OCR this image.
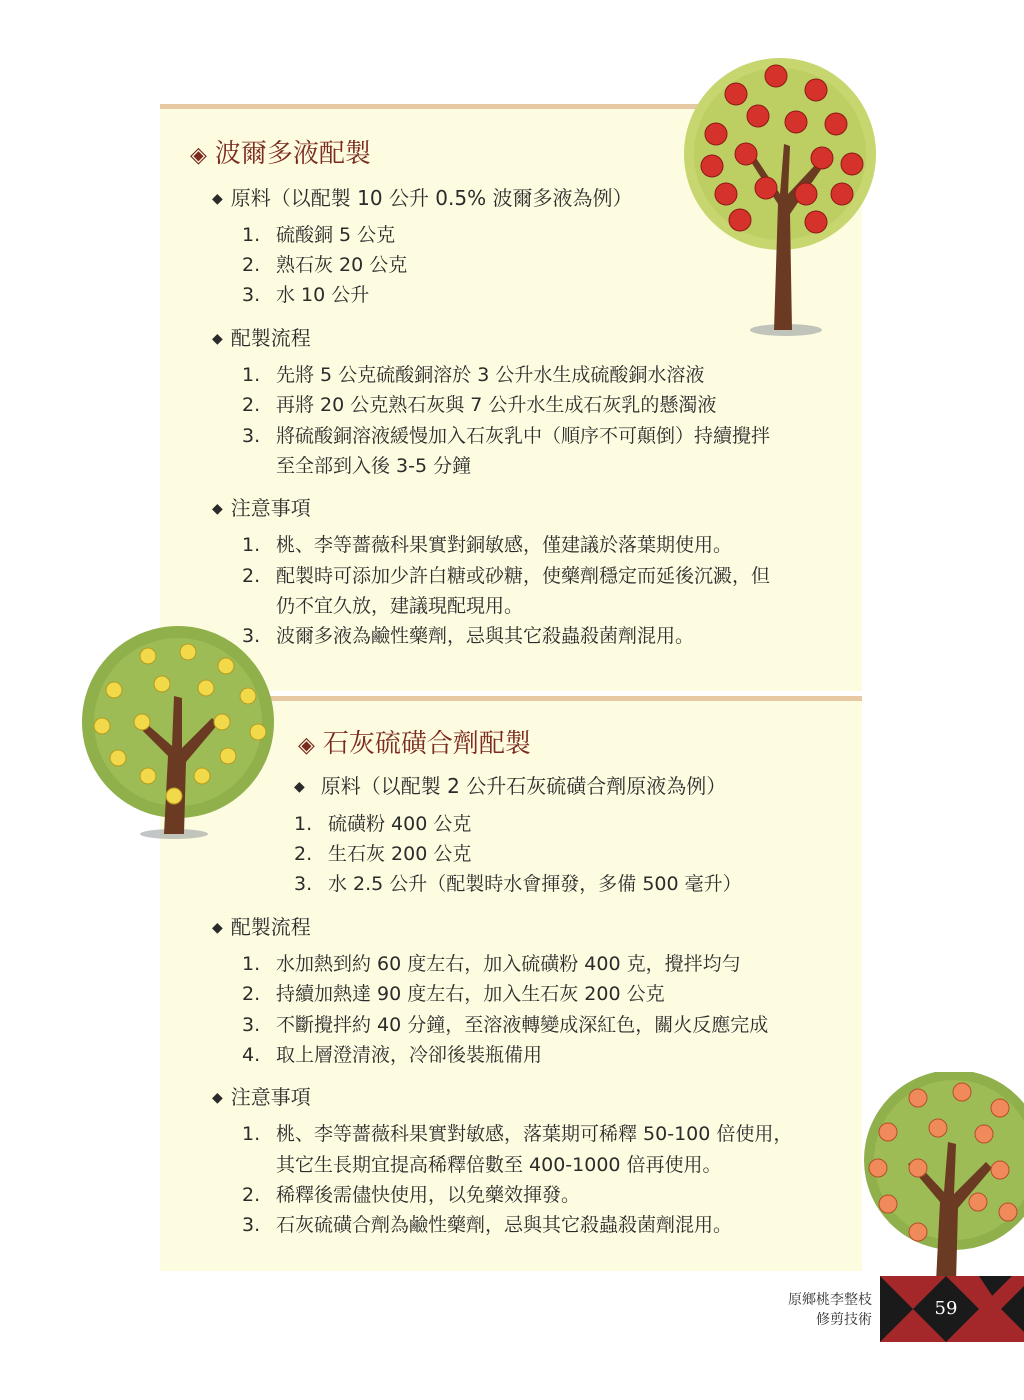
◈ 波爾多液配製
◆ 原料（以配製 10 公升 0.5% 波爾多液為例）
1. 硫酸銅 5 公克
2. 熟石灰 20 公克
3. 水 10 公升
◆ 配製流程
1. 先將 5 公克硫酸銅溶於 3 公升水生成硫酸銅水溶液
2. 再將 20 公克熟石灰與 7 公升水生成石灰乳的懸濁液
3. 將硫酸銅溶液緩慢加入石灰乳中（順序不可顛倒）持續攪拌
至全部到入後 3-5 分鐘
◆ 注意事項
1. 桃、李等薔薇科果實對銅敏感，僅建議於落葉期使用。
2. 配製時可添加少許白糖或砂糖，使藥劑穩定而延後沉澱，但
仍不宜久放，建議現配現用。
3. 波爾多液為鹼性藥劑，忌與其它殺蟲殺菌劑混用。
◈ 石灰硫磺合劑配製
◆ 原料（以配製 2 公升石灰硫磺合劑原液為例）
1. 硫磺粉 400 公克
2. 生石灰 200 公克
3. 水 2.5 公升（配製時水會揮發，多備 500 毫升）
◆ 配製流程
1. 水加熱到約 60 度左右，加入硫磺粉 400 克，攪拌均勻
2. 持續加熱達 90 度左右，加入生石灰 200 公克
3. 不斷攪拌約 40 分鐘，至溶液轉變成深紅色，關火反應完成
4. 取上層澄清液，冷卻後裝瓶備用
◆ 注意事項
1. 桃、李等薔薇科果實對敏感，落葉期可稀釋 50-100 倍使用，
其它生長期宜提高稀釋倍數至 400-1000 倍再使用。
2. 稀釋後需儘快使用，以免藥效揮發。
3. 石灰硫磺合劑為鹼性藥劑，忌與其它殺蟲殺菌劑混用。
原鄉桃李整枝
修剪技術
59
